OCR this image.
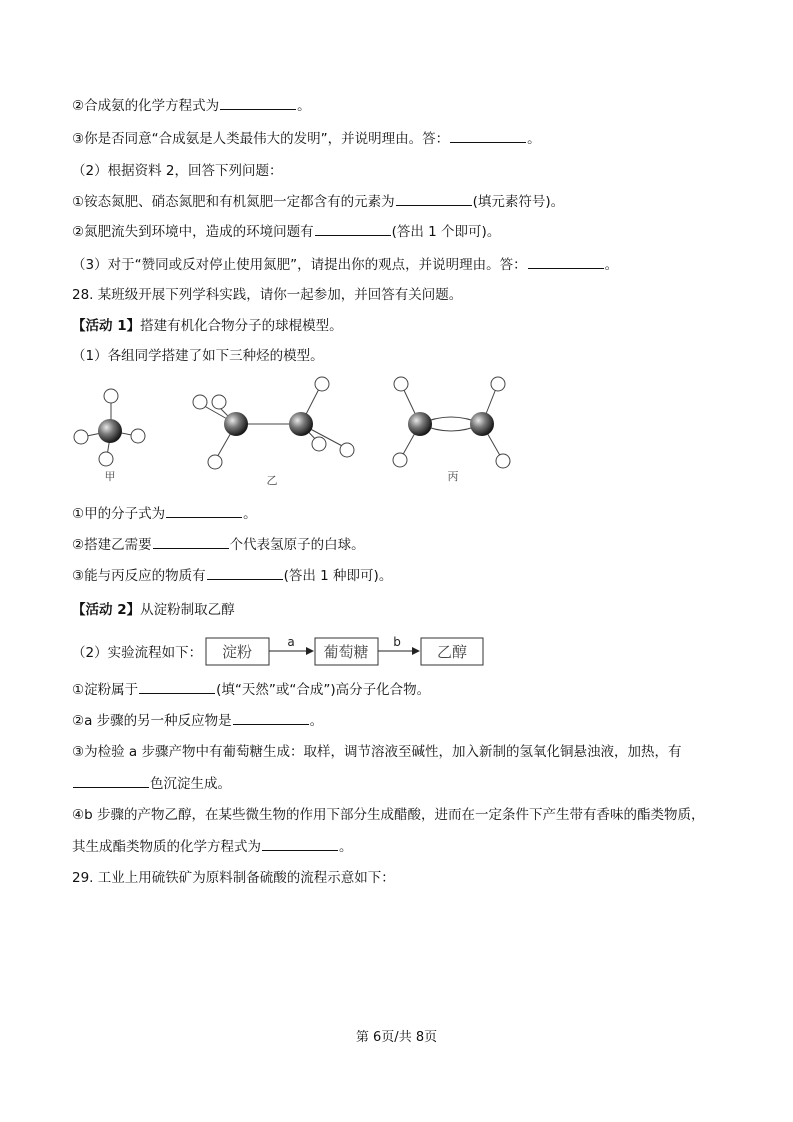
②合成氨的化学方程式为	。
③你是否同意“合成氨是人类最伟大的发明”，并说明理由。答：	。
（2）根据资料 2，回答下列问题：
①铵态氮肥、硝态氮肥和有机氮肥一定都含有的元素为	(填元素符号)。
②氮肥流失到环境中，造成的环境问题有	(答出 1 个即可)。
（3）对于“赞同或反对停止使用氮肥”，请提出你的观点，并说明理由。答：	。
28. 某班级开展下列学科实践，请你一起参加，并回答有关问题。
【活动 1】搭建有机化合物分子的球棍模型。
（1）各组同学搭建了如下三种烃的模型。
甲	乙	丙
①甲的分子式为	。
②搭建乙需要	个代表氢原子的白球。
③能与丙反应的物质有	(答出 1 种即可)。
【活动 2】从淀粉制取乙醇
（2）实验流程如下： 淀粉
a
葡萄糖
b
乙醇
①淀粉属于	(填“天然”或“合成”)高分子化合物。
②a 步骤的另一种反应物是	。
③为检验 a 步骤产物中有葡萄糖生成：取样，调节溶液至碱性，加入新制的氢氧化铜悬浊液，加热，有
色沉淀生成。
④b 步骤的产物乙醇，在某些微生物的作用下部分生成醋酸，进而在一定条件下产生带有香味的酯类物质，
其生成酯类物质的化学方程式为	。
29. 工业上用硫铁矿为原料制备硫酸的流程示意如下：
第 6页/共 8页
